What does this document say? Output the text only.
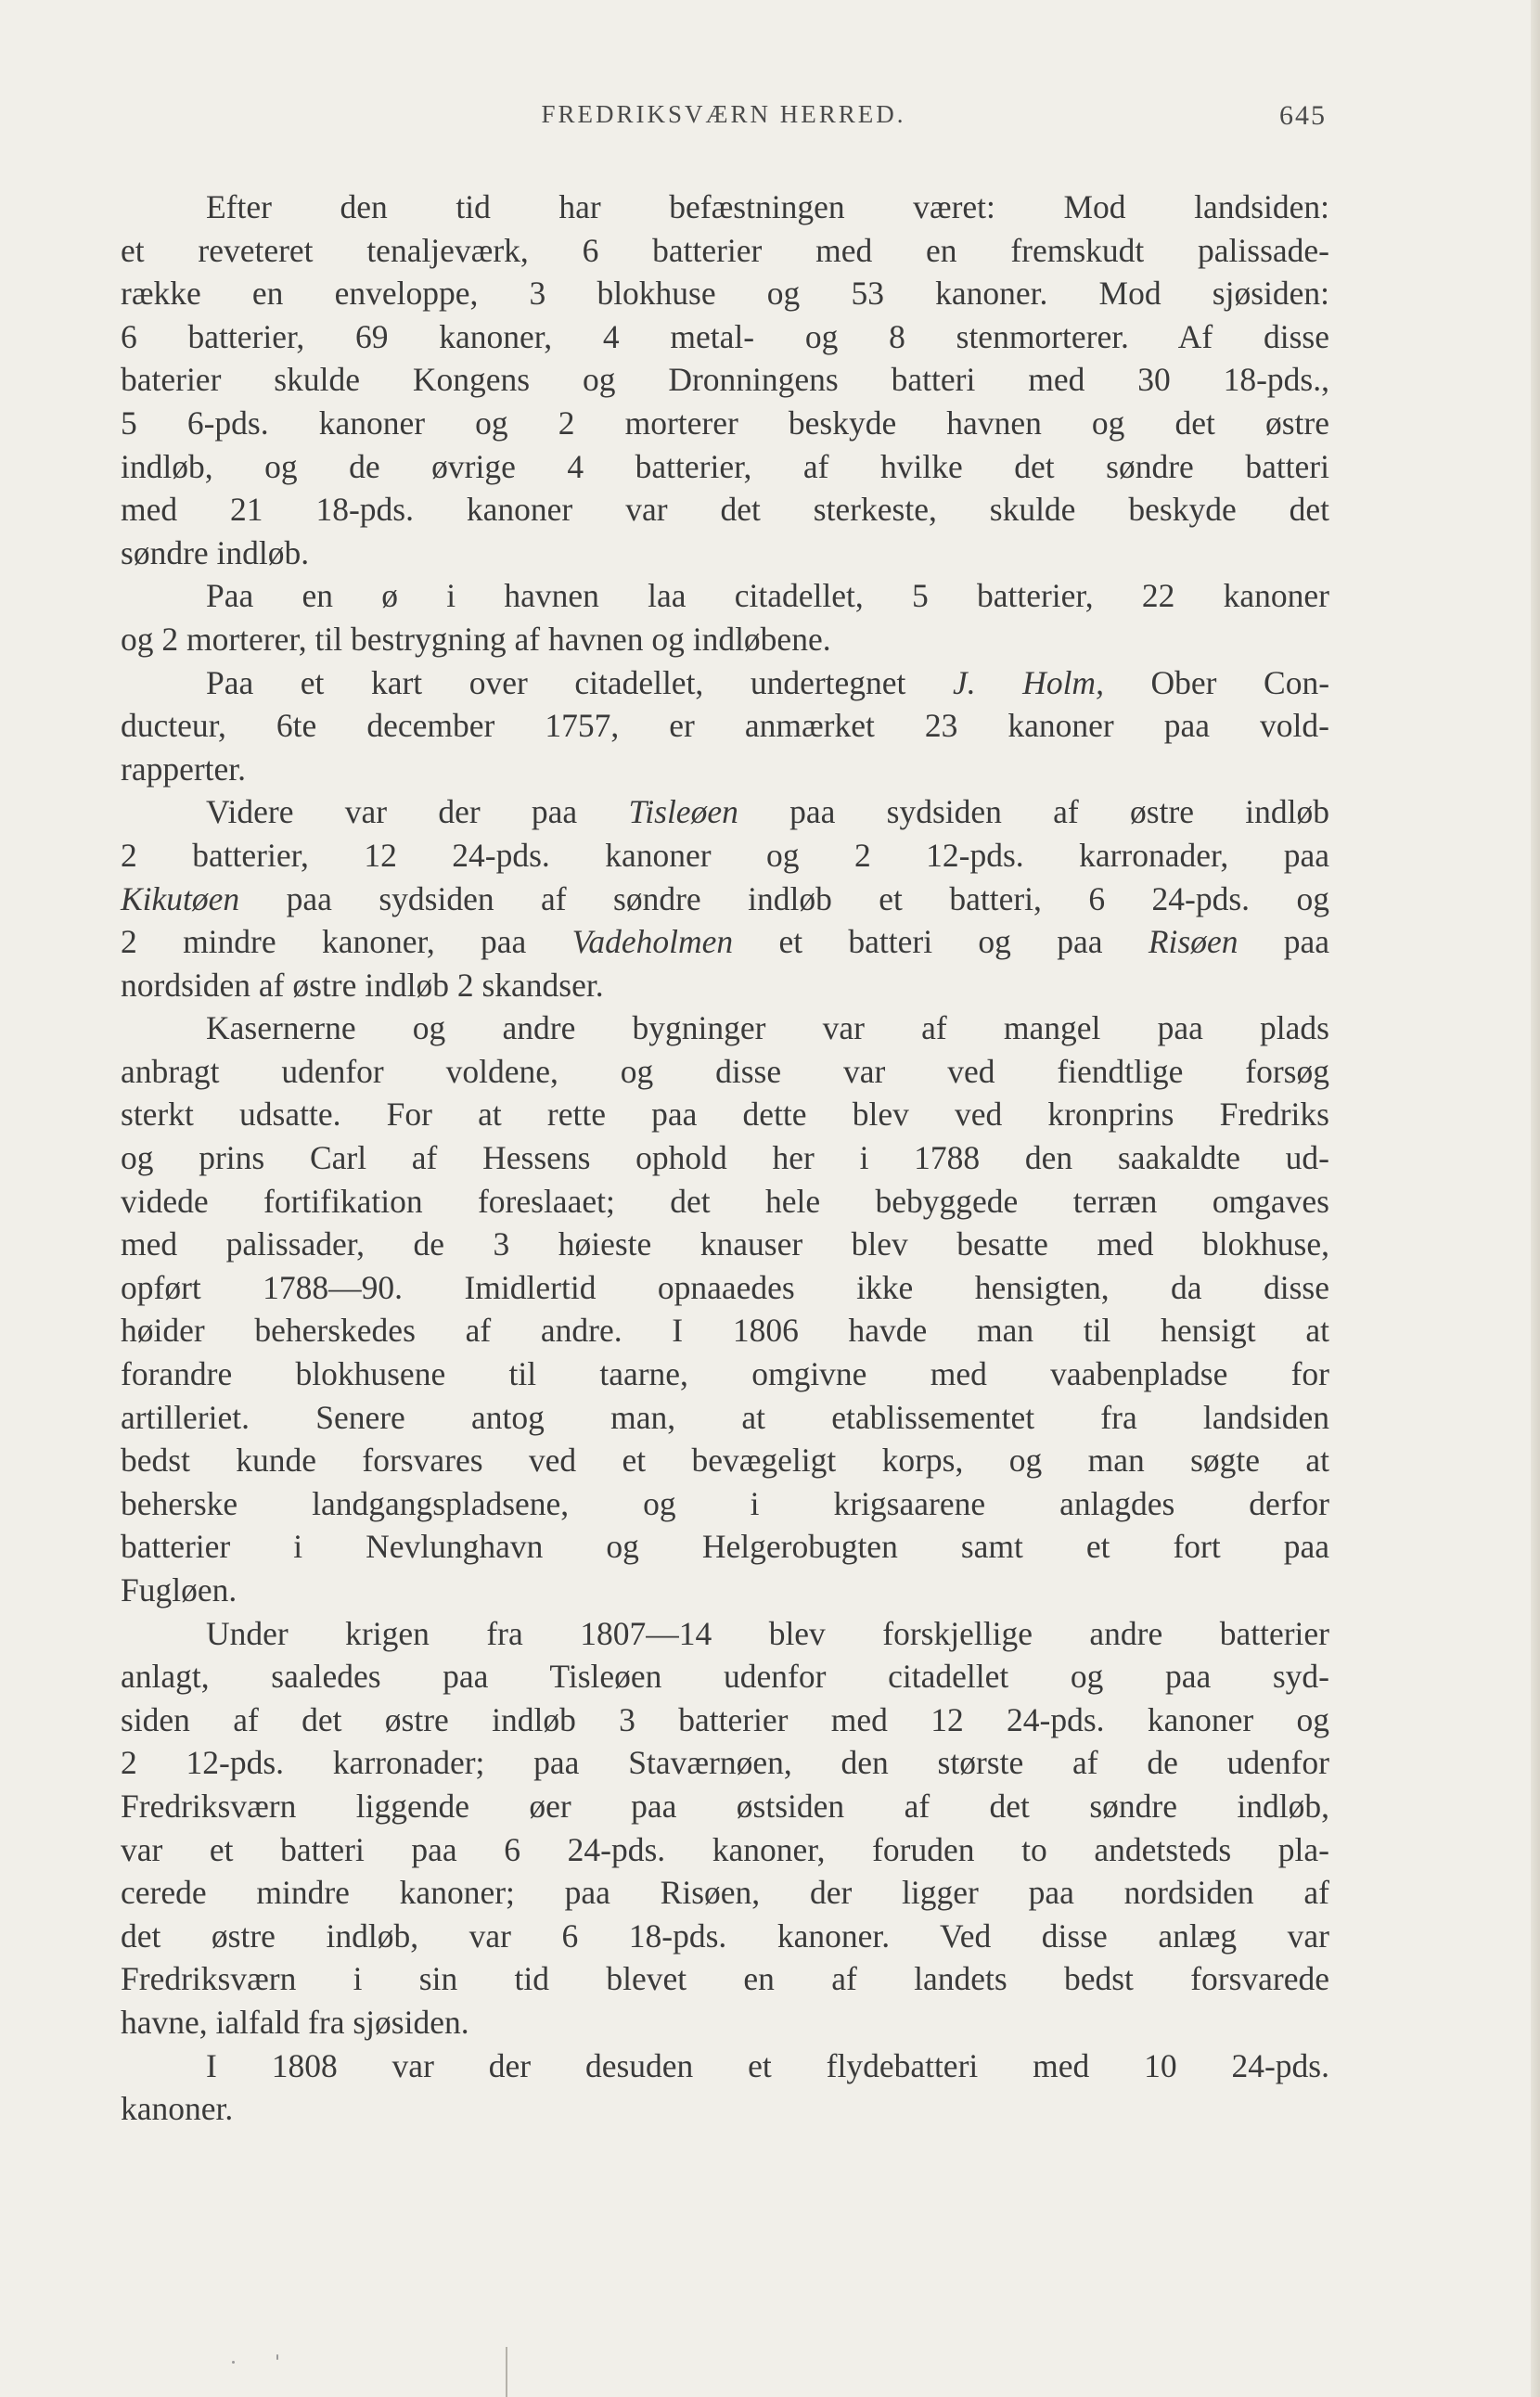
FREDRIKSVÆRN HERRED.	645
Efter den tid har befæstningen været: Mod landsiden:
et reveteret tenaljeværk, 6 batterier med en fremskudt palissade-
række en enveloppe, 3 blokhuse og 53 kanoner. Mod sjøsiden:
6 batterier, 69 kanoner, 4 metal- og 8 stenmorterer. Af disse
baterier skulde Kongens og Dronningens batteri med 30 18-pds.,
5 6-pds. kanoner og 2 morterer beskyde havnen og det østre
indløb, og de øvrige 4 batterier, af hvilke det søndre batteri
med 21 18-pds. kanoner var det sterkeste, skulde beskyde det
søndre indløb.
Paa en ø i havnen laa citadellet, 5 batterier, 22 kanoner
og 2 morterer, til bestrygning af havnen og indløbene.
Paa et kart over citadellet, undertegnet J. Holm, Ober Con-
ducteur, 6te december 1757, er anmærket 23 kanoner paa vold-
rapperter.
Videre var der paa Tisleøen paa sydsiden af østre indløb
2 batterier, 12 24-pds. kanoner og 2 12-pds. karronader, paa
Kikutøen paa sydsiden af søndre indløb et batteri, 6 24-pds. og
2 mindre kanoner, paa Vadeholmen et batteri og paa Risøen paa
nordsiden af østre indløb 2 skandser.
Kasernerne og andre bygninger var af mangel paa plads
anbragt udenfor voldene, og disse var ved fiendtlige forsøg
sterkt udsatte. For at rette paa dette blev ved kronprins Fredriks
og prins Carl af Hessens ophold her i 1788 den saakaldte ud-
videde fortifikation foreslaaet; det hele bebyggede terræn omgaves
med palissader, de 3 høieste knauser blev besatte med blokhuse,
opført 1788—90. Imidlertid opnaaedes ikke hensigten, da disse
høider beherskedes af andre. I 1806 havde man til hensigt at
forandre blokhusene til taarne, omgivne med vaabenpladse for
artilleriet. Senere antog man, at etablissementet fra landsiden
bedst kunde forsvares ved et bevægeligt korps, og man søgte at
beherske landgangspladsene, og i krigsaarene anlagdes derfor
batterier i Nevlunghavn og Helgerobugten samt et fort paa
Fugløen.
Under krigen fra 1807—14 blev forskjellige andre batterier
anlagt, saaledes paa Tisleøen udenfor citadellet og paa syd-
siden af det østre indløb 3 batterier med 12 24-pds. kanoner og
2 12-pds. karronader; paa Staværnøen, den største af de udenfor
Fredriksværn liggende øer paa østsiden af det søndre indløb,
var et batteri paa 6 24-pds. kanoner, foruden to andetsteds pla-
cerede mindre kanoner; paa Risøen, der ligger paa nordsiden af
det østre indløb, var 6 18-pds. kanoner. Ved disse anlæg var
Fredriksværn i sin tid blevet en af landets bedst forsvarede
havne, ialfald fra sjøsiden.
I 1808 var der desuden et flydebatteri med 10 24-pds.
kanoner.
